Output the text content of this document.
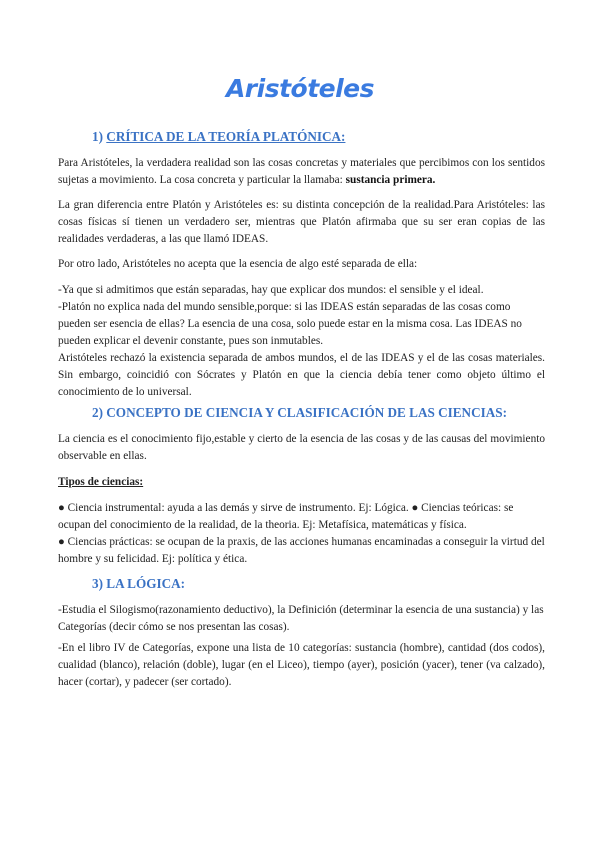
Aristóteles
1) CRÍTICA DE LA TEORÍA PLATÓNICA:

Para Aristóteles, la verdadera realidad son las cosas concretas y materiales que percibimos con los sentidos sujetas a movimiento. La cosa concreta y particular la llamaba: sustancia primera.

La gran diferencia entre Platón y Aristóteles es: su distinta concepción de la realidad.Para Aristóteles: las cosas físicas sí tienen un verdadero ser, mientras que Platón afirmaba que su ser eran copias de las realidades verdaderas, a las que llamó IDEAS.

Por otro lado, Aristóteles no acepta que la esencia de algo esté separada de ella:

-Ya que si admitimos que están separadas, hay que explicar dos mundos: el sensible y el ideal.
-Platón no explica nada del mundo sensible,porque: si las IDEAS están separadas de las cosas como pueden ser esencia de ellas? La esencia de una cosa, solo puede estar en la misma cosa. Las IDEAS no pueden explicar el devenir constante, pues son inmutables.

Aristóteles rechazó la existencia separada de ambos mundos, el de las IDEAS y el de las cosas materiales. Sin embargo, coincidió con Sócrates y Platón en que la ciencia debía tener como objeto último el conocimiento de lo universal.

2) CONCEPTO DE CIENCIA Y CLASIFICACIÓN DE LAS CIENCIAS:

La ciencia es el conocimiento fijo,estable y cierto de la esencia de las cosas y de las causas del movimiento observable en ellas.

Tipos de ciencias:

● Ciencia instrumental: ayuda a las demás y sirve de instrumento. Ej: Lógica. ● Ciencias teóricas: se ocupan del conocimiento de la realidad, de la theoria. Ej: Metafísica, matemáticas y física.

● Ciencias prácticas: se ocupan de la praxis, de las acciones humanas encaminadas a conseguir la virtud del hombre y su felicidad. Ej: política y ética.

3) LA LÓGICA:

-Estudia el Silogismo(razonamiento deductivo), la Definición (determinar la esencia de una sustancia) y las Categorías (decir cómo se nos presentan las cosas).

-En el libro IV de Categorías, expone una lista de 10 categorías: sustancia (hombre), cantidad (dos codos), cualidad (blanco), relación (doble), lugar (en el Liceo), tiempo (ayer), posición (yacer), tener (va calzado), hacer (cortar), y padecer (ser cortado).
